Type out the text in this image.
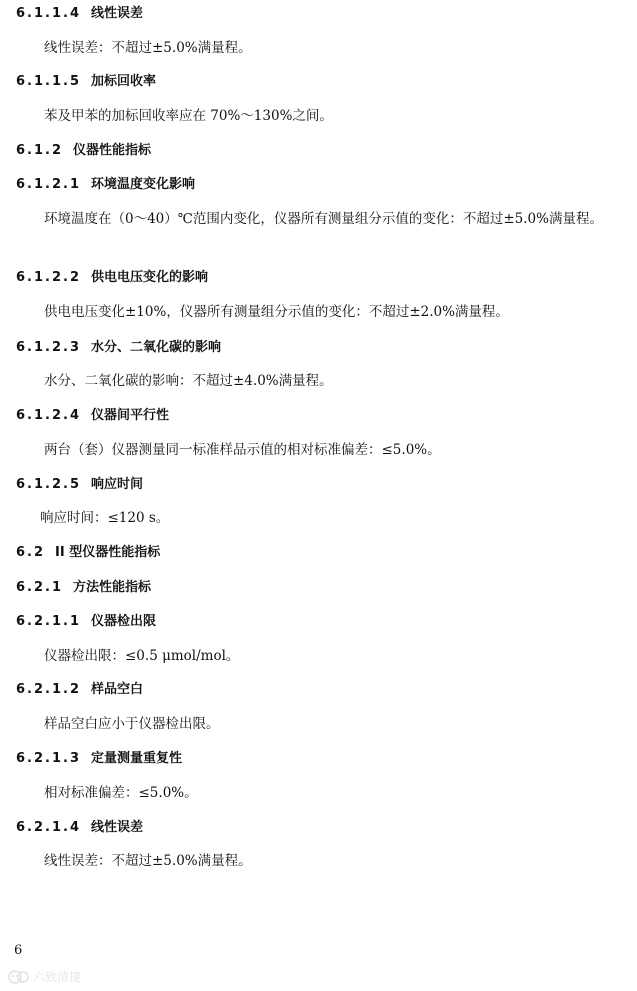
6.1.1.4 线性误差
线性误差：不超过±5.0%满量程。
6.1.1.5 加标回收率
苯及甲苯的加标回收率应在 70%～130%之间。
6.1.2 仪器性能指标
6.1.2.1 环境温度变化影响
环境温度在（0～40）℃范围内变化，仪器所有测量组分示值的变化：不超过±5.0%满量程。
6.1.2.2 供电电压变化的影响
供电电压变化±10%，仪器所有测量组分示值的变化：不超过±2.0%满量程。
6.1.2.3 水分、二氧化碳的影响
水分、二氧化碳的影响：不超过±4.0%满量程。
6.1.2.4 仪器间平行性
两台（套）仪器测量同一标准样品示值的相对标准偏差：≤5.0%。
6.1.2.5 响应时间
响应时间：≤120 s。
6.2 II 型仪器性能指标
6.2.1 方法性能指标
6.2.1.1 仪器检出限
仪器检出限：≤0.5 μmol/mol。
6.2.1.2 样品空白
样品空白应小于仪器检出限。
6.2.1.3 定量测量重复性
相对标准偏差：≤5.0%。
6.2.1.4 线性误差
线性误差：不超过±5.0%满量程。
6
六致清捷
